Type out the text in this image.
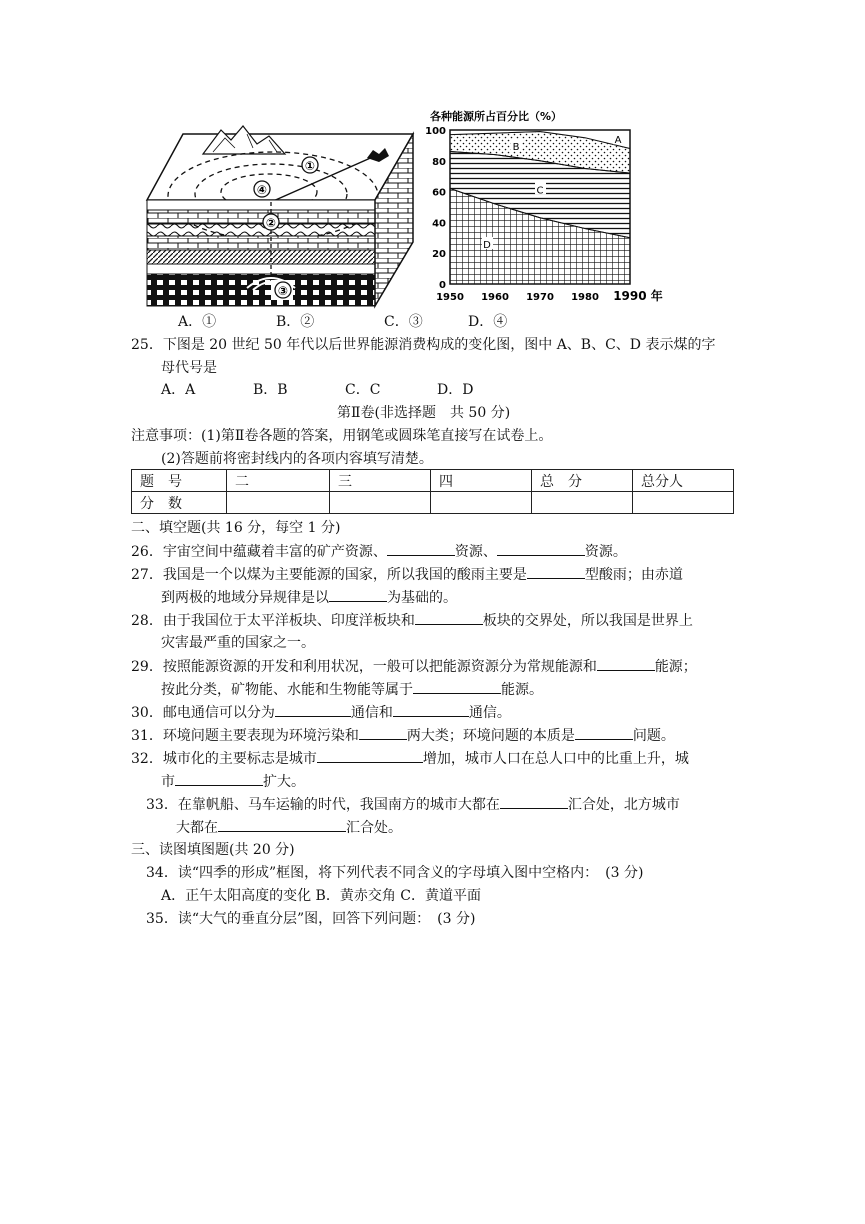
①
④
②
③
各种能源所占百分比（%）
D
C
B
A
0
20
40
60
80
100
1950 1960 1970 1980 1990 年
A．①	B．②	C．③	D．④
25．下图是 20 世纪 50 年代以后世界能源消费构成的变化图，图中 A、B、C、D 表示煤的字
母代号是
A．A	B．B	C．C	D．D
第Ⅱ卷(非选择题　共 50 分)
注意事项：(1)第Ⅱ卷各题的答案，用钢笔或圆珠笔直接写在试卷上。
(2)答题前将密封线内的各项内容填写清楚。
题　号	二	三	四	总　分	总分人
分　数					
二、填空题(共 16 分，每空 1 分)
26．宇宙空间中蕴藏着丰富的矿产资源、	资源、	资源。
27．我国是一个以煤为主要能源的国家，所以我国的酸雨主要是	型酸雨；由赤道
到两极的地域分异规律是以	为基础的。
28．由于我国位于太平洋板块、印度洋板块和	板块的交界处，所以我国是世界上
灾害最严重的国家之一。
29．按照能源资源的开发和利用状况，一般可以把能源资源分为常规能源和	能源；
按此分类，矿物能、水能和生物能等属于	能源。
30．邮电通信可以分为	通信和	通信。
31．环境问题主要表现为环境污染和	两大类；环境问题的本质是	问题。
32．城市化的主要标志是城市	增加，城市人口在总人口中的比重上升，城
市	扩大。
33．在靠帆船、马车运输的时代，我国南方的城市大都在	汇合处，北方城市
大都在	汇合处。
三、读图填图题(共 20 分)
34．读“四季的形成”框图，将下列代表不同含义的字母填入图中空格内：　(3 分)
A．正午太阳高度的变化 B．黄赤交角 C．黄道平面
35．读“大气的垂直分层”图，回答下列问题：　(3 分)
